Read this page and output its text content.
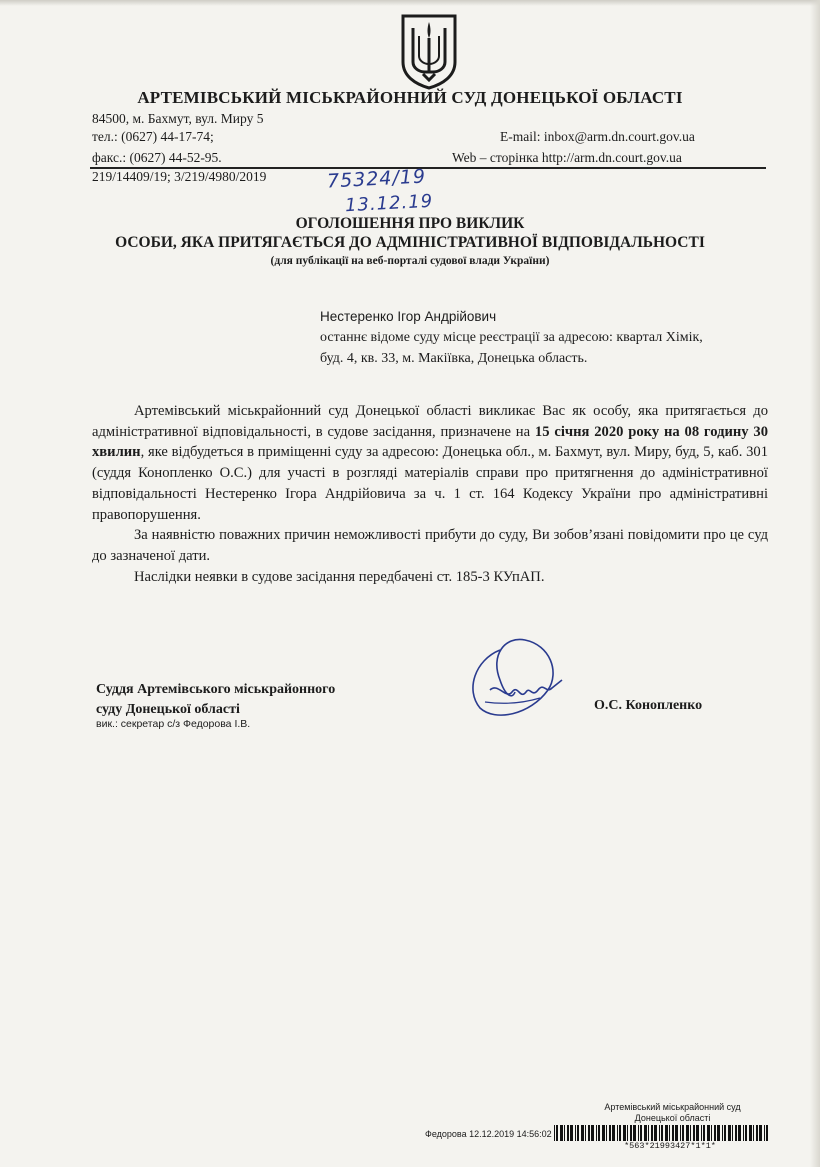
АРТЕМІВСЬКИЙ МІСЬКРАЙОННИЙ СУД ДОНЕЦЬКОЇ ОБЛАСТІ
84500, м. Бахмут, вул. Миру 5
тел.: (0627) 44-17-74;	E-mail: inbox@arm.dn.court.gov.ua
факс.: (0627) 44-52-95.	Web – сторінка http://arm.dn.court.gov.ua
219/14409/19; 3/219/4980/2019	75324/19
13.12.19
ОГОЛОШЕННЯ ПРО ВИКЛИК
ОСОБИ, ЯКА ПРИТЯГАЄТЬСЯ ДО АДМІНІСТРАТИВНОЇ ВІДПОВІДАЛЬНОСТІ
(для публікації на веб-порталі судової влади України)
Нестеренко Ігор Андрійович
останнє відоме суду місце реєстрації за адресою: квартал Хімік,
буд. 4, кв. 33, м. Макіївка, Донецька область.

Артемівський міськрайонний суд Донецької області викликає Вас як особу, яка притягається до адміністративної відповідальності, в судове засідання, призначене на 15 січня 2020 року на 08 годину 30 хвилин, яке відбудеться в приміщенні суду за адресою: Донецька обл., м. Бахмут, вул. Миру, буд, 5, каб. 301 (суддя Конопленко О.С.) для участі в розгляді матеріалів справи про притягнення до адміністративної відповідальності Нестеренко Ігора Андрійовича за ч. 1 ст. 164 Кодексу України про адміністративні правопорушення.

За наявністю поважних причин неможливості прибути до суду, Ви зобов’язані повідомити про це суд до зазначеної дати.

Наслідки неявки в судове засідання передбачені ст. 185-3 КУпАП.

Суддя Артемівського міськрайонного
суду Донецької області
вик.: секретар с/з Федорова І.В.
О.С. Конопленко
Артемівський міськрайонний суд
Донецької області
Федорова 12.12.2019 14:56:02
*563*21993427*1*1*
